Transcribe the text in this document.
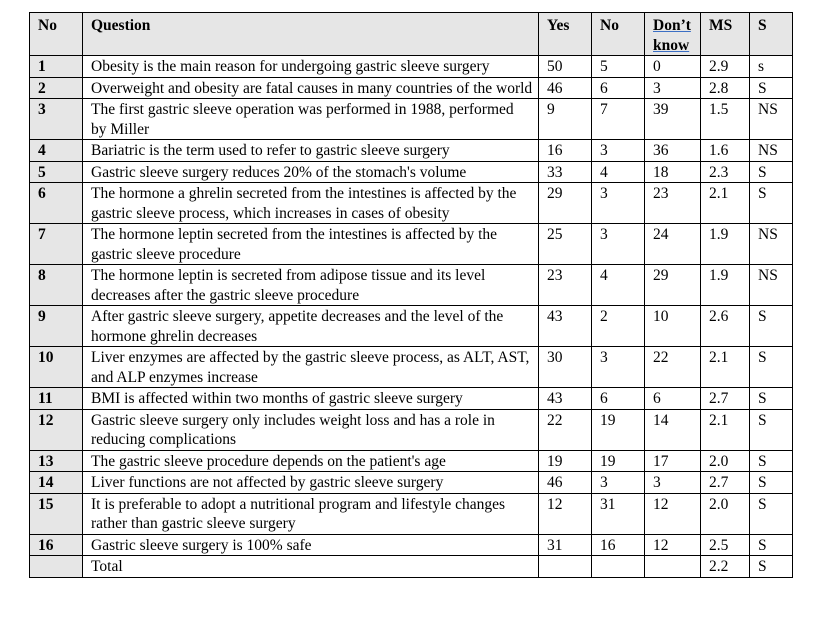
No	Question	Yes	No	Don’t know	MS	S
1	Obesity is the main reason for undergoing gastric sleeve surgery	50	5	0	2.9	s
2	Overweight and obesity are fatal causes in many countries of the world	46	6	3	2.8	S
3	The first gastric sleeve operation was performed in 1988, performed by Miller	9	7	39	1.5	NS
4	Bariatric is the term used to refer to gastric sleeve surgery	16	3	36	1.6	NS
5	Gastric sleeve surgery reduces 20% of the stomach's volume	33	4	18	2.3	S
6	The hormone a ghrelin secreted from the intestines is affected by the gastric sleeve process, which increases in cases of obesity	29	3	23	2.1	S
7	The hormone leptin secreted from the intestines is affected by the gastric sleeve procedure	25	3	24	1.9	NS
8	The hormone leptin is secreted from adipose tissue and its level decreases after the gastric sleeve procedure	23	4	29	1.9	NS
9	After gastric sleeve surgery, appetite decreases and the level of the hormone ghrelin decreases	43	2	10	2.6	S
10	Liver enzymes are affected by the gastric sleeve process, as ALT, AST, and ALP enzymes increase	30	3	22	2.1	S
11	BMI is affected within two months of gastric sleeve surgery	43	6	6	2.7	S
12	Gastric sleeve surgery only includes weight loss and has a role in reducing complications	22	19	14	2.1	S
13	The gastric sleeve procedure depends on the patient's age	19	19	17	2.0	S
14	Liver functions are not affected by gastric sleeve surgery	46	3	3	2.7	S
15	It is preferable to adopt a nutritional program and lifestyle changes rather than gastric sleeve surgery	12	31	12	2.0	S
16	Gastric sleeve surgery is 100% safe	31	16	12	2.5	S
	Total				2.2	S
